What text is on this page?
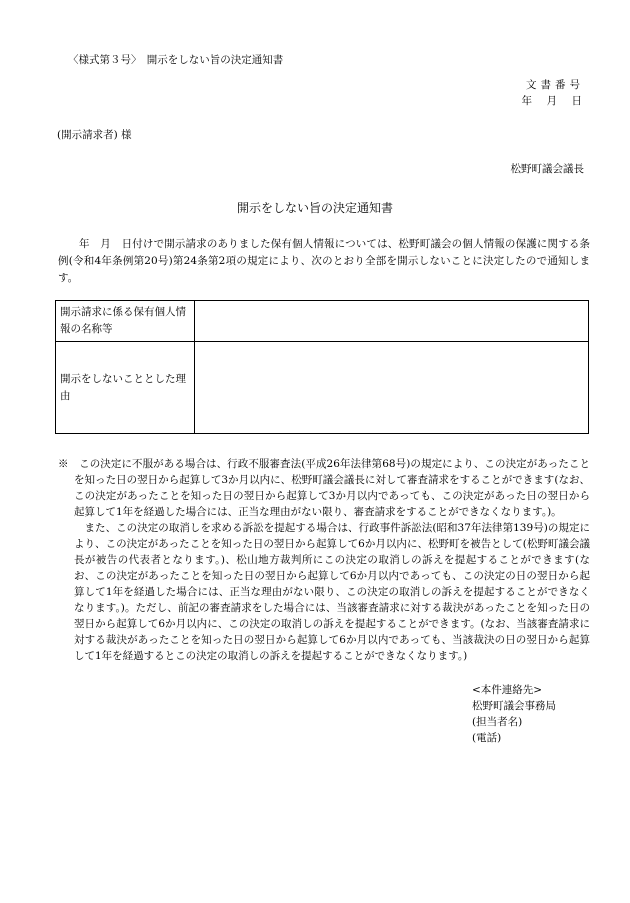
〈様式第３号〉　開示をしない旨の決定通知書
文書番号
年　月　日
(開示請求者) 様
松野町議会議長
開示をしない旨の決定通知書
年　月　日付けで開示請求のありました保有個人情報については、松野町議会の個人情報の保護に関する条例(令和4年条例第20号)第24条第2項の規定により、次のとおり全部を開示しないことに決定したので通知します。
開示請求に係る保有個人情報の名称等	
開示をしないこととした理由	

※　この決定に不服がある場合は、行政不服審査法(平成26年法律第68号)の規定により、この決定があったことを知った日の翌日から起算して3か月以内に、松野町議会議長に対して審査請求をすることができます(なお、この決定があったことを知った日の翌日から起算して3か月以内であっても、この決定があった日の翌日から起算して1年を経過した場合には、正当な理由がない限り、審査請求をすることができなくなります。)。

また、この決定の取消しを求める訴訟を提起する場合は、行政事件訴訟法(昭和37年法律第139号)の規定により、この決定があったことを知った日の翌日から起算して6か月以内に、松野町を被告として(松野町議会議長が被告の代表者となります。)、松山地方裁判所にこの決定の取消しの訴えを提起することができます(なお、この決定があったことを知った日の翌日から起算して6か月以内であっても、この決定の日の翌日から起算して1年を経過した場合には、正当な理由がない限り、この決定の取消しの訴えを提起することができなくなります。)。ただし、前記の審査請求をした場合には、当該審査請求に対する裁決があったことを知った日の翌日から起算して6か月以内に、この決定の取消しの訴えを提起することができます。(なお、当該審査請求に対する裁決があったことを知った日の翌日から起算して6か月以内であっても、当該裁決の日の翌日から起算して1年を経過するとこの決定の取消しの訴えを提起することができなくなります。)

<本件連絡先>
松野町議会事務局
(担当者名)
(電話)
